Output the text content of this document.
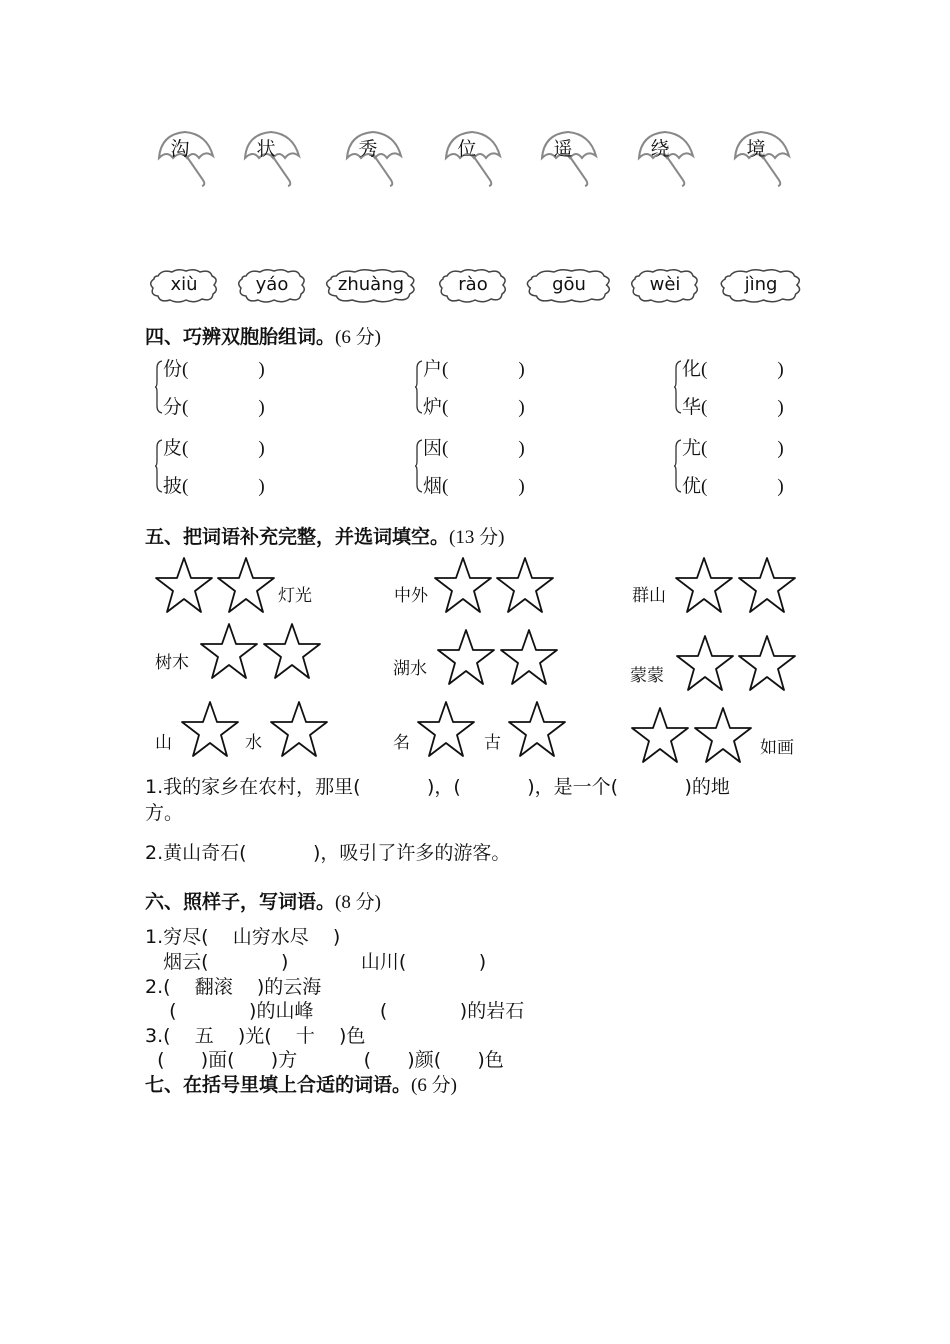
沟	状	秀	位	遥	绕	境
xiù	yáo	zhuàng	rào	gōu	wèi	jìng
四、巧辨双胞胎组词。(6 分)
份(	)
分(	)
户(	)
炉(	)
化(	)
华(	)
皮(	)
披(	)
因(	)
烟(	)
尤(	)
优(	)
五、把词语补充完整，并选词填空。(13 分)
灯光	中外	群山
树木	湖水	蒙蒙
山	水	名	古	如画
1.我的家乡在农村，那里(           )，(           )，是一个(           )的地
方。
2.黄山奇石(           )，吸引了许多的游客。
六、照样子，写词语。(8 分)
1.穷尽(    山穷水尽    )
烟云(            )            山川(            )
2.(    翻滚    )的云海
(            )的山峰           (            )的岩石
3.(    五    )光(    十    )色
(      )面(      )方           (      )颜(      )色
七、在括号里填上合适的词语。(6 分)
